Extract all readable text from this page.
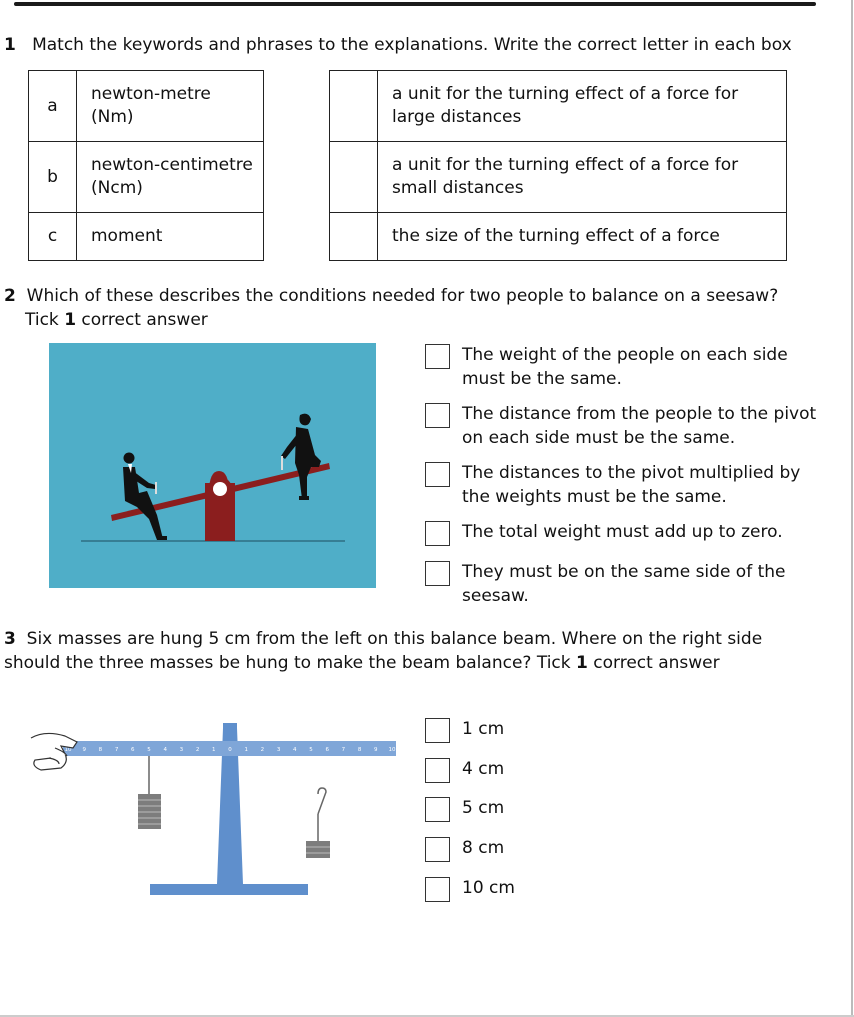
1 Match the keywords and phrases to the explanations. Write the correct letter in each box
a	newton-metre (Nm)
b	newton-centimetre (Ncm)
c	moment
	a unit for the turning effect of a force for large distances
	a unit for the turning effect of a force for small distances
	the size of the turning effect of a force
2 Which of these describes the conditions needed for two people to balance on a seesaw?
Tick 1 correct answer
The weight of the people on each side must be the same.
The distance from the people to the pivot on each side must be the same.
The distances to the pivot multiplied by the weights must be the same.
The total weight must add up to zero.
They must be on the same side of the seesaw.
3 Six masses are hung 5 cm from the left on this balance beam. Where on the right side should the three masses be hung to make the beam balance? Tick 1 correct answer
10 9 8 7 6 5 4 3 2 1 0 1 2 3 4 5 6 7 8 9 10
1 cm
4 cm
5 cm
8 cm
10 cm
